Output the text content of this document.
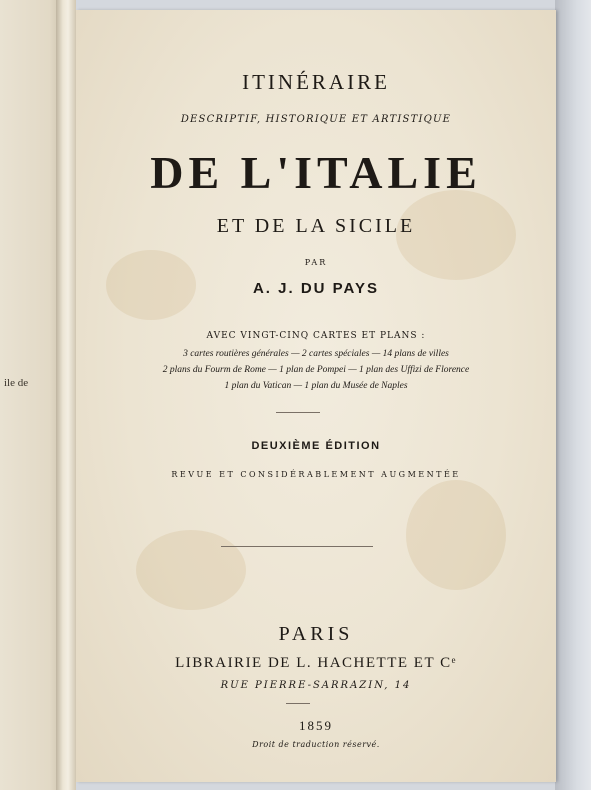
ile de
ITINÉRAIRE
DESCRIPTIF, HISTORIQUE ET ARTISTIQUE
DE L'ITALIE
ET DE LA SICILE
PAR
A. J. DU PAYS
AVEC VINGT-CINQ CARTES ET PLANS :
3 cartes routières générales — 2 cartes spéciales — 14 plans de villes
2 plans du Fourm de Rome — 1 plan de Pompei — 1 plan des Uffizi de Florence
1 plan du Vatican — 1 plan du Musée de Naples
DEUXIÈME ÉDITION
REVUE ET CONSIDÉRABLEMENT AUGMENTÉE
PARIS
LIBRAIRIE DE L. HACHETTE ET Cᵉ
RUE PIERRE-SARRAZIN, 14
1859
Droit de traduction réservé.
